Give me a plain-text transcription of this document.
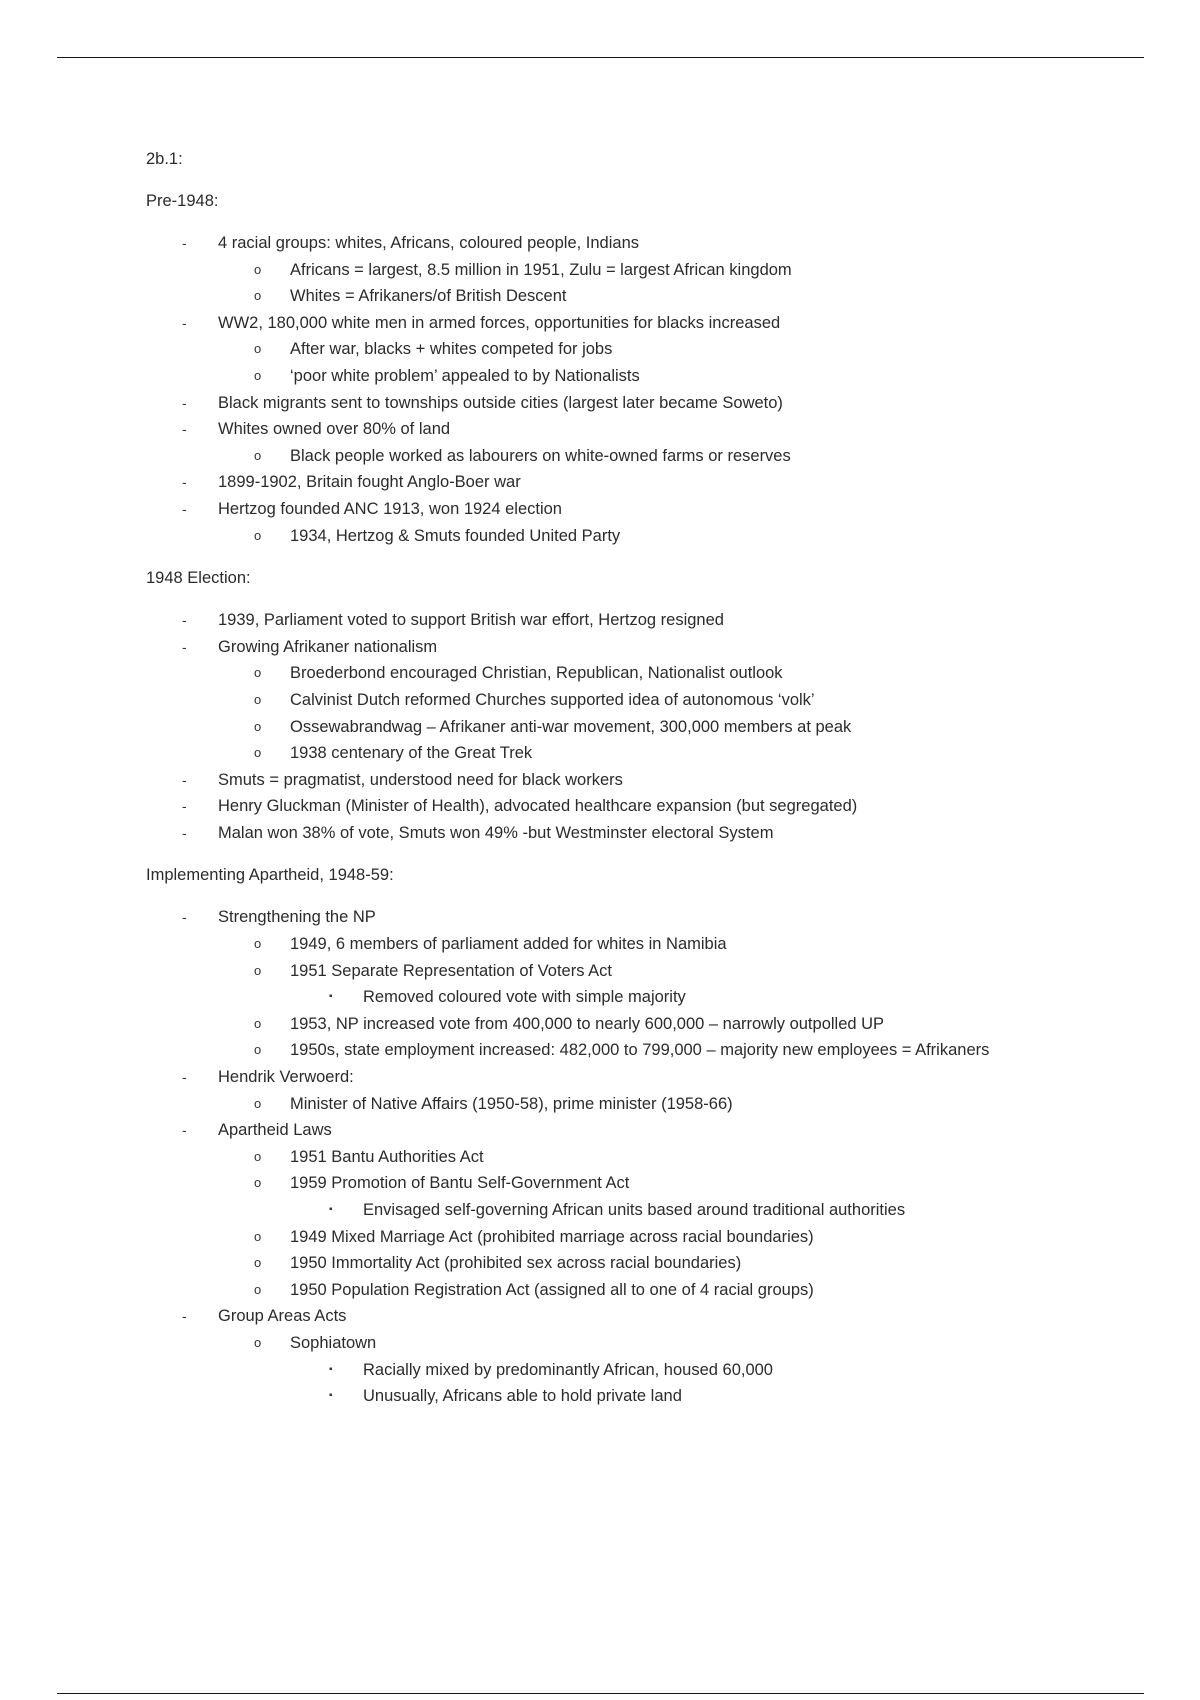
2b.1:
Pre-1948:
- 4 racial groups: whites, Africans, coloured people, Indians
o Africans = largest, 8.5 million in 1951, Zulu = largest African kingdom
o Whites = Afrikaners/of British Descent
- WW2, 180,000 white men in armed forces, opportunities for blacks increased
o After war, blacks + whites competed for jobs
o ‘poor white problem’ appealed to by Nationalists
- Black migrants sent to townships outside cities (largest later became Soweto)
- Whites owned over 80% of land
o Black people worked as labourers on white-owned farms or reserves
- 1899-1902, Britain fought Anglo-Boer war
- Hertzog founded ANC 1913, won 1924 election
o 1934, Hertzog & Smuts founded United Party
1948 Election:
- 1939, Parliament voted to support British war effort, Hertzog resigned
- Growing Afrikaner nationalism
o Broederbond encouraged Christian, Republican, Nationalist outlook
o Calvinist Dutch reformed Churches supported idea of autonomous ‘volk’
o Ossewabrandwag – Afrikaner anti-war movement, 300,000 members at peak
o 1938 centenary of the Great Trek
- Smuts = pragmatist, understood need for black workers
- Henry Gluckman (Minister of Health), advocated healthcare expansion (but segregated)
- Malan won 38% of vote, Smuts won 49% -but Westminster electoral System
Implementing Apartheid, 1948-59:
- Strengthening the NP
o 1949, 6 members of parliament added for whites in Namibia
o 1951 Separate Representation of Voters Act
▪ Removed coloured vote with simple majority
o 1953, NP increased vote from 400,000 to nearly 600,000 – narrowly outpolled UP
o 1950s, state employment increased: 482,000 to 799,000 – majority new employees = Afrikaners
- Hendrik Verwoerd:
o Minister of Native Affairs (1950-58), prime minister (1958-66)
- Apartheid Laws
o 1951 Bantu Authorities Act
o 1959 Promotion of Bantu Self-Government Act
▪ Envisaged self-governing African units based around traditional authorities
o 1949 Mixed Marriage Act (prohibited marriage across racial boundaries)
o 1950 Immortality Act (prohibited sex across racial boundaries)
o 1950 Population Registration Act (assigned all to one of 4 racial groups)
- Group Areas Acts
o Sophiatown
▪ Racially mixed by predominantly African, housed 60,000
▪ Unusually, Africans able to hold private land
